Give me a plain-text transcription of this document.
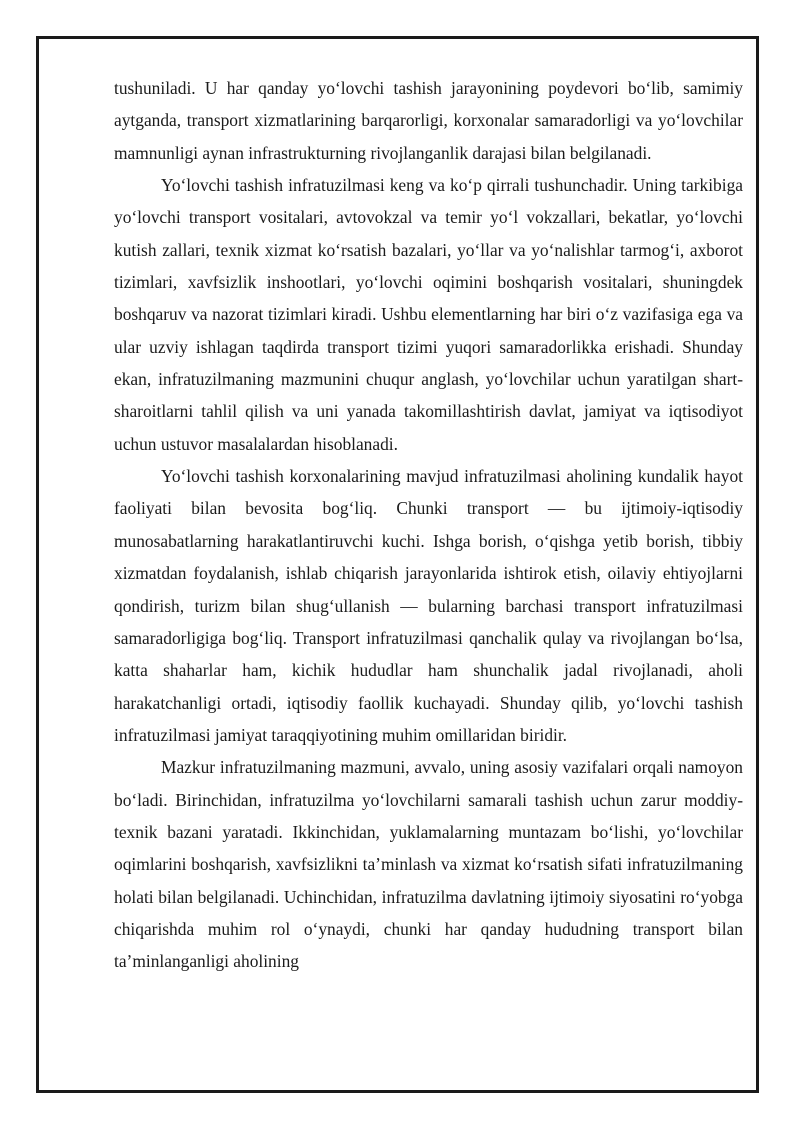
tushuniladi. U har qanday yo‘lovchi tashish jarayonining poydevori bo‘lib, samimiy aytganda, transport xizmatlarining barqarorligi, korxonalar samaradorligi va yo‘lovchilar mamnunligi aynan infrastrukturning rivojlanganlik darajasi bilan belgilanadi.

Yo‘lovchi tashish infratuzilmasi keng va ko‘p qirrali tushunchadir. Uning tarkibiga yo‘lovchi transport vositalari, avtovokzal va temir yo‘l vokzallari, bekatlar, yo‘lovchi kutish zallari, texnik xizmat ko‘rsatish bazalari, yo‘llar va yo‘nalishlar tarmog‘i, axborot tizimlari, xavfsizlik inshootlari, yo‘lovchi oqimini boshqarish vositalari, shuningdek boshqaruv va nazorat tizimlari kiradi. Ushbu elementlarning har biri o‘z vazifasiga ega va ular uzviy ishlagan taqdirda transport tizimi yuqori samaradorlikka erishadi. Shunday ekan, infratuzilmaning mazmunini chuqur anglash, yo‘lovchilar uchun yaratilgan shart-sharoitlarni tahlil qilish va uni yanada takomillashtirish davlat, jamiyat va iqtisodiyot uchun ustuvor masalalardan hisoblanadi.

Yo‘lovchi tashish korxonalarining mavjud infratuzilmasi aholining kundalik hayot faoliyati bilan bevosita bog‘liq. Chunki transport — bu ijtimoiy-iqtisodiy munosabatlarning harakatlantiruvchi kuchi. Ishga borish, o‘qishga yetib borish, tibbiy xizmatdan foydalanish, ishlab chiqarish jarayonlarida ishtirok etish, oilaviy ehtiyojlarni qondirish, turizm bilan shug‘ullanish — bularning barchasi transport infratuzilmasi samaradorligiga bog‘liq. Transport infratuzilmasi qanchalik qulay va rivojlangan bo‘lsa, katta shaharlar ham, kichik hududlar ham shunchalik jadal rivojlanadi, aholi harakatchanligi ortadi, iqtisodiy faollik kuchayadi. Shunday qilib, yo‘lovchi tashish infratuzilmasi jamiyat taraqqiyotining muhim omillaridan biridir.

Mazkur infratuzilmaning mazmuni, avvalo, uning asosiy vazifalari orqali namoyon bo‘ladi. Birinchidan, infratuzilma yo‘lovchilarni samarali tashish uchun zarur moddiy-texnik bazani yaratadi. Ikkinchidan, yuklamalarning muntazam bo‘lishi, yo‘lovchilar oqimlarini boshqarish, xavfsizlikni ta’minlash va xizmat ko‘rsatish sifati infratuzilmaning holati bilan belgilanadi. Uchinchidan, infratuzilma davlatning ijtimoiy siyosatini ro‘yobga chiqarishda muhim rol o‘ynaydi, chunki har qanday hududning transport bilan ta’minlanganligi aholining
